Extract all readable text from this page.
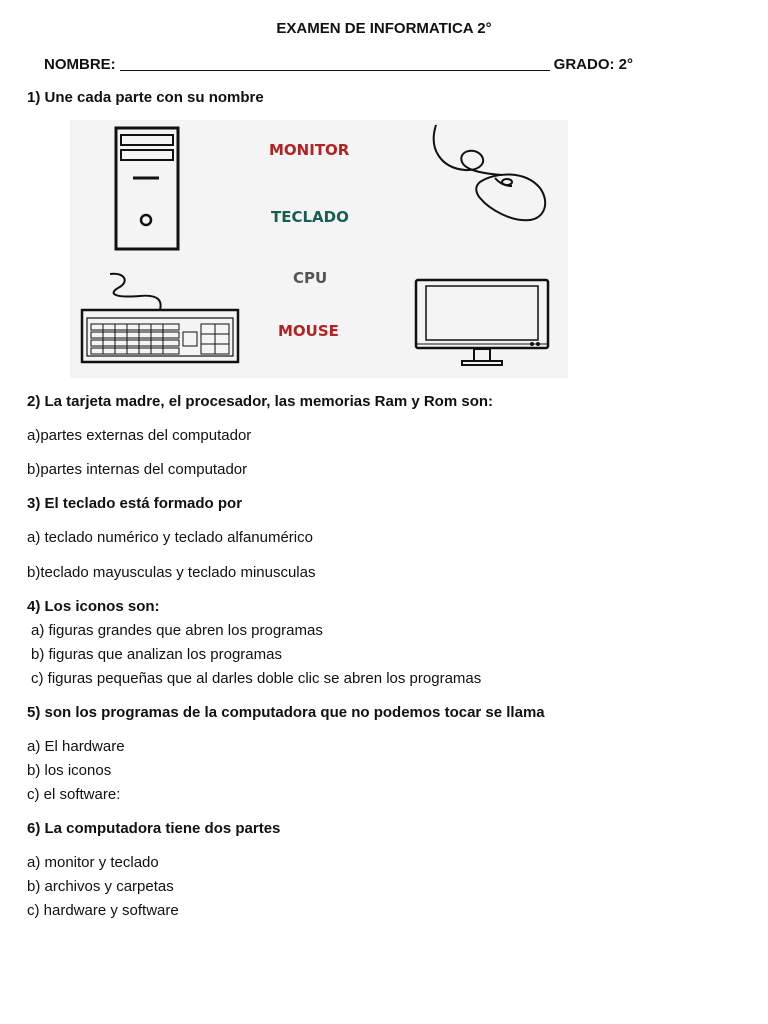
EXAMEN DE INFORMATICA 2°
NOMBRE:	GRADO: 2°
1) Une cada parte con su nombre
MONITOR
TECLADO
CPU
MOUSE
2) La tarjeta madre, el procesador, las memorias Ram y Rom son:
a)partes externas del computador
b)partes internas del computador
3) El teclado está formado por
a) teclado numérico y teclado alfanumérico
b)teclado mayusculas y teclado minusculas
4) Los iconos son:
a) figuras grandes que abren los programas
b) figuras que analizan los programas
c) figuras pequeñas que al darles doble clic se abren los programas
5) son los programas de la computadora que no podemos tocar se llama
a) El hardware
b) los iconos
c) el software:
6) La computadora tiene dos partes
a) monitor y teclado
b) archivos y carpetas
c) hardware y software
